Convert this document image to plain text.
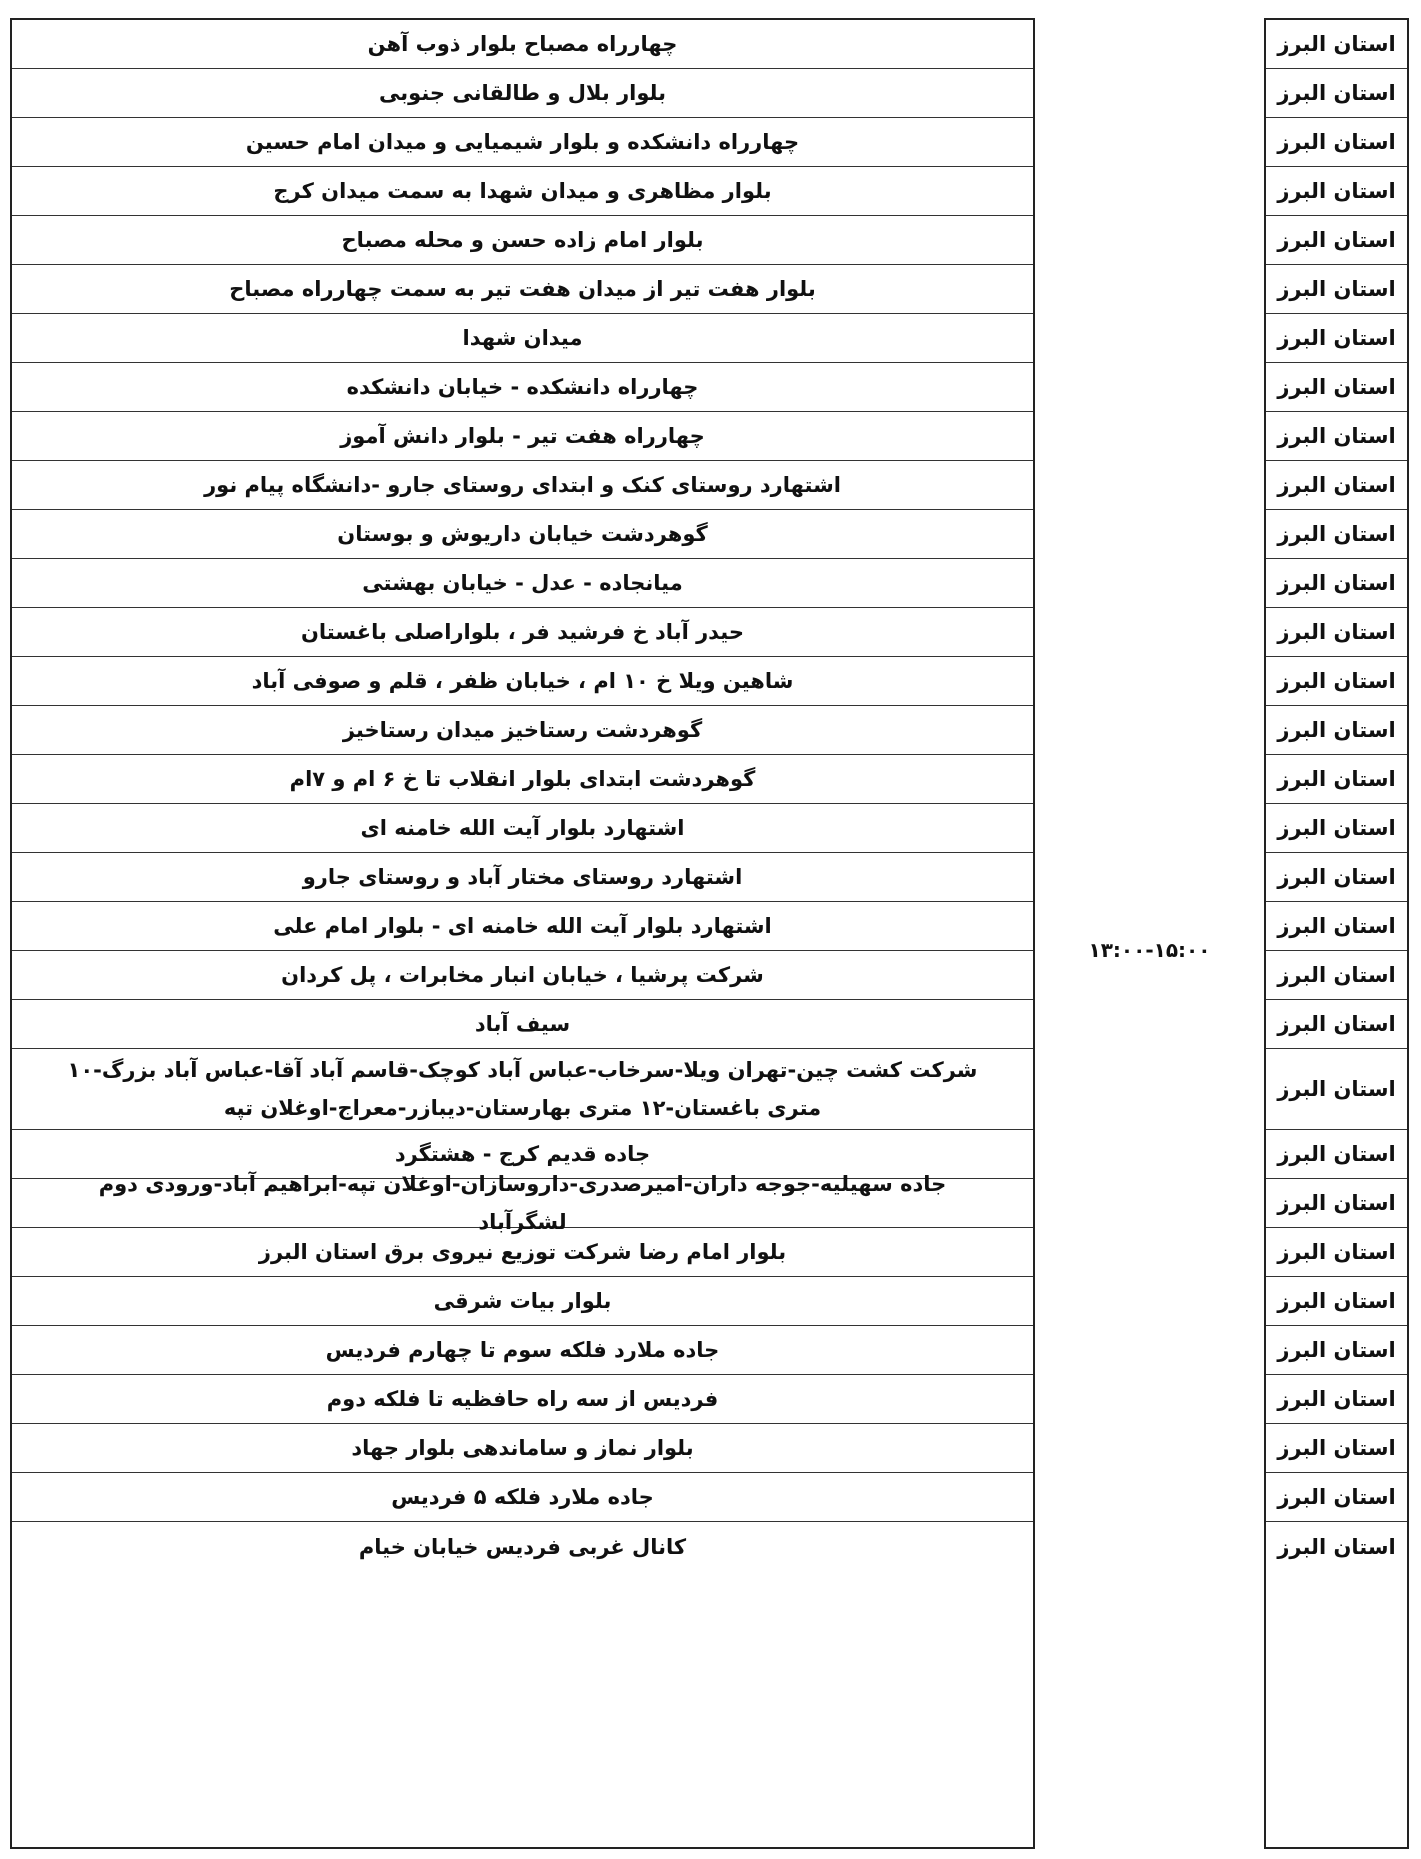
چهارراه مصباح بلوار ذوب آهن
بلوار بلال و طالقانی جنوبی
چهارراه دانشکده و بلوار شیمیایی و میدان امام حسین
بلوار مظاهری و میدان شهدا به سمت میدان کرج
بلوار امام زاده حسن و محله مصباح
بلوار هفت تیر از میدان هفت تیر به سمت چهارراه مصباح
میدان شهدا
چهارراه دانشکده - خیابان دانشکده
چهارراه هفت تیر - بلوار دانش آموز
اشتهارد روستای کنک و ابتدای روستای جارو -دانشگاه پیام نور
گوهردشت خیابان داریوش و بوستان
میانجاده - عدل - خیابان بهشتی
حیدر آباد خ فرشید فر ، بلواراصلی باغستان
شاهین ویلا خ ۱۰ ام ، خیابان ظفر ، قلم و صوفی آباد
گوهردشت رستاخیز میدان رستاخیز
گوهردشت ابتدای بلوار انقلاب تا خ ۶ ام و ۷ام
اشتهارد بلوار آیت الله خامنه ای
اشتهارد روستای مختار آباد و روستای جارو
اشتهارد بلوار آیت الله خامنه ای - بلوار امام علی
شرکت پرشیا ، خیابان انبار مخابرات ، پل کردان
سیف آباد
شرکت کشت چین-تهران ویلا-سرخاب-عباس آباد کوچک-قاسم آباد آقا-عباس آباد بزرگ-۱۰ متری باغستان-۱۲ متری بهارستان-دیبازر-معراج-اوغلان تپه
جاده قدیم کرج - هشتگرد
جاده سهیلیه-جوجه داران-امیرصدری-داروسازان-اوغلان تپه-ابراهیم آباد-ورودی دوم لشگرآباد
بلوار امام رضا شرکت توزیع نیروی برق استان البرز
بلوار بیات شرقی
جاده ملارد فلکه سوم تا چهارم فردیس
فردیس از سه راه حافظیه تا فلکه دوم
بلوار نماز و ساماندهی بلوار جهاد
جاده ملارد فلکه ۵ فردیس
کانال غربی فردیس خیابان خیام
۱۳:۰۰-۱۵:۰۰
استان البرز
استان البرز
استان البرز
استان البرز
استان البرز
استان البرز
استان البرز
استان البرز
استان البرز
استان البرز
استان البرز
استان البرز
استان البرز
استان البرز
استان البرز
استان البرز
استان البرز
استان البرز
استان البرز
استان البرز
استان البرز
استان البرز
استان البرز
استان البرز
استان البرز
استان البرز
استان البرز
استان البرز
استان البرز
استان البرز
استان البرز
